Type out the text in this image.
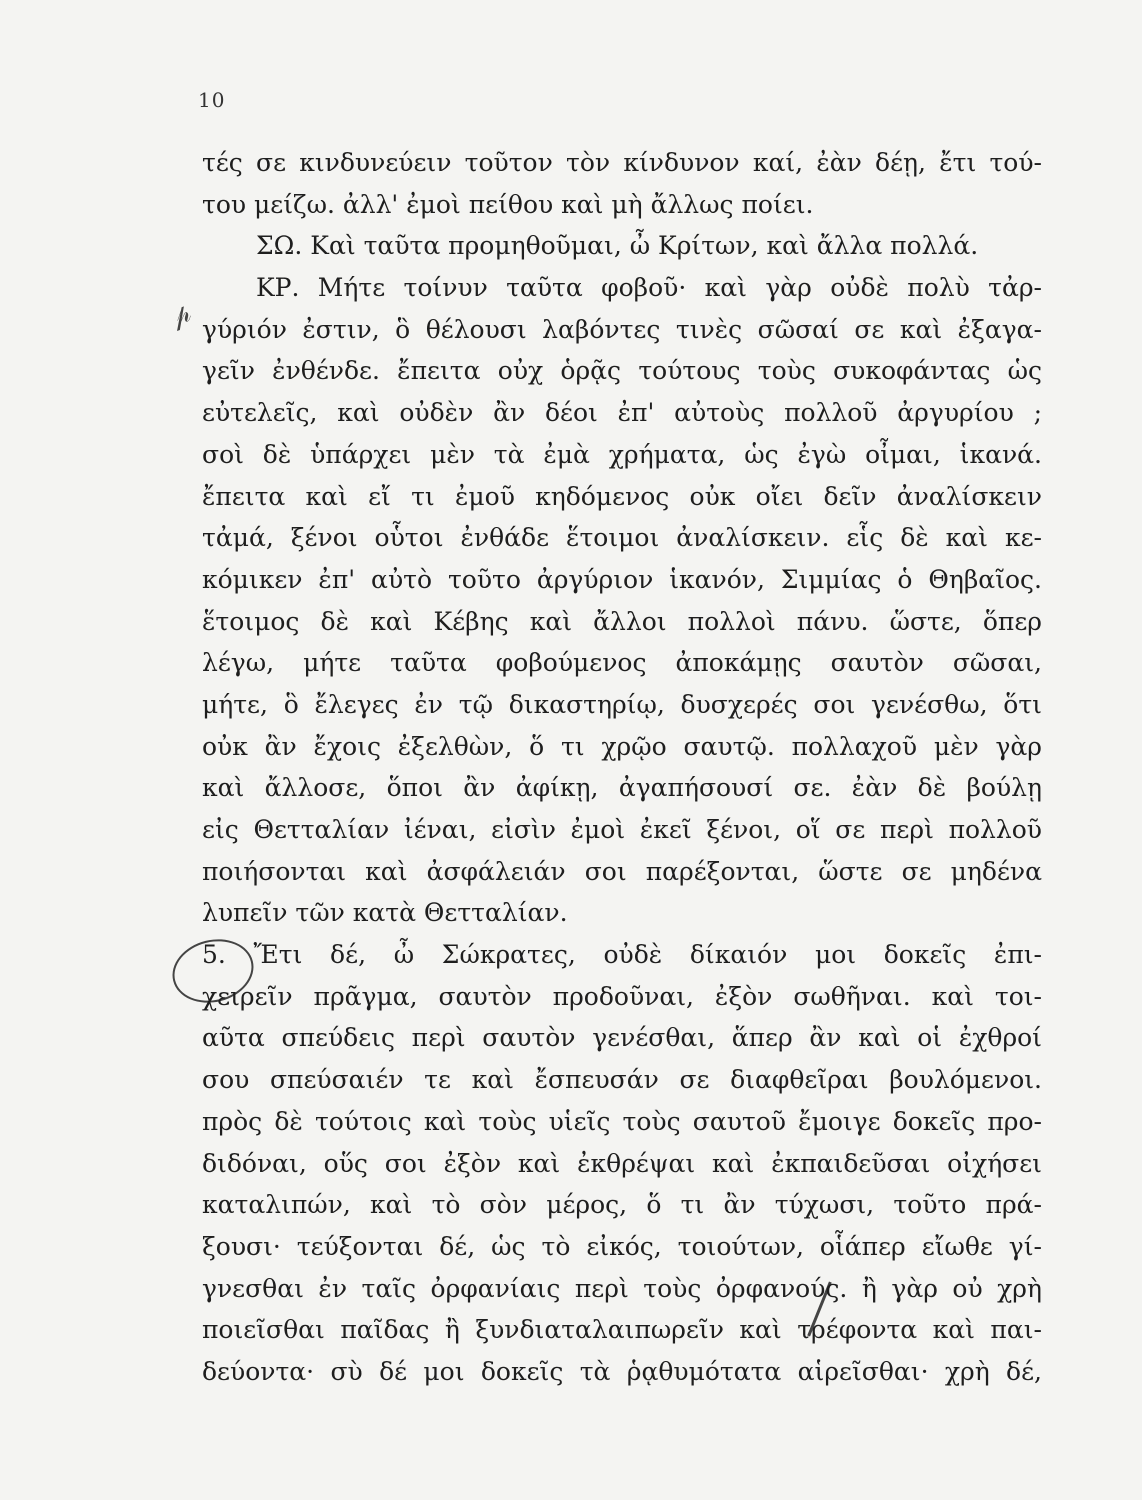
10
𝓅
τές σε κινδυνεύειν τοῦτον τὸν κίνδυνον καί, ἐὰν δέῃ, ἔτι τού-
του μείζω. ἀλλ' ἐμοὶ πείθου καὶ μὴ ἄλλως ποίει.
ΣΩ. Καὶ ταῦτα προμηθοῦμαι, ὦ Κρίτων, καὶ ἄλλα πολλά.
ΚΡ. Μήτε τοίνυν ταῦτα φοβοῦ· καὶ γὰρ οὐδὲ πολὺ τἀρ-
γύριόν ἐστιν, ὃ θέλουσι λαβόντες τινὲς σῶσαί σε καὶ ἐξαγα-
γεῖν ἐνθένδε. ἔπειτα οὐχ ὁρᾷς τούτους τοὺς συκοφάντας ὡς
εὐτελεῖς, καὶ οὐδὲν ἂν δέοι ἐπ' αὐτοὺς πολλοῦ ἀργυρίου ;
σοὶ δὲ ὑπάρχει μὲν τὰ ἐμὰ χρήματα, ὡς ἐγὼ οἶμαι, ἱκανά.
ἔπειτα καὶ εἴ τι ἐμοῦ κηδόμενος οὐκ οἴει δεῖν ἀναλίσκειν
τἀμά, ξένοι οὗτοι ἐνθάδε ἕτοιμοι ἀναλίσκειν. εἷς δὲ καὶ κε-
κόμικεν ἐπ' αὐτὸ τοῦτο ἀργύριον ἱκανόν, Σιμμίας ὁ Θηβαῖος.
ἕτοιμος δὲ καὶ Κέβης καὶ ἄλλοι πολλοὶ πάνυ. ὥστε, ὅπερ
λέγω, μήτε ταῦτα φοβούμενος ἀποκάμῃς σαυτὸν σῶσαι,
μήτε, ὃ ἔλεγες ἐν τῷ δικαστηρίῳ, δυσχερές σοι γενέσθω, ὅτι
οὐκ ἂν ἔχοις ἐξελθὼν, ὅ τι χρῷο σαυτῷ. πολλαχοῦ μὲν γὰρ
καὶ ἄλλοσε, ὅποι ἂν ἀφίκῃ, ἀγαπήσουσί σε. ἐὰν δὲ βούλῃ
εἰς Θετταλίαν ἰέναι, εἰσὶν ἐμοὶ ἐκεῖ ξένοι, οἵ σε περὶ πολλοῦ
ποιήσονται καὶ ἀσφάλειάν σοι παρέξονται, ὥστε σε μηδένα
λυπεῖν τῶν κατὰ Θετταλίαν.
5. Ἔτι δέ, ὦ Σώκρατες, οὐδὲ δίκαιόν μοι δοκεῖς ἐπι-
χειρεῖν πρᾶγμα, σαυτὸν προδοῦναι, ἐξὸν σωθῆναι. καὶ τοι-
αῦτα σπεύδεις περὶ σαυτὸν γενέσθαι, ἅπερ ἂν καὶ οἱ ἐχθροί
σου σπεύσαιέν τε καὶ ἔσπευσάν σε διαφθεῖραι βουλόμενοι.
πρὸς δὲ τούτοις καὶ τοὺς υἱεῖς τοὺς σαυτοῦ ἔμοιγε δοκεῖς προ-
διδόναι, οὕς σοι ἐξὸν καὶ ἐκθρέψαι καὶ ἐκπαιδεῦσαι οἰχήσει
καταλιπών, καὶ τὸ σὸν μέρος, ὅ τι ἂν τύχωσι, τοῦτο πρά-
ξουσι· τεύξονται δέ, ὡς τὸ εἰκός, τοιούτων, οἷάπερ εἴωθε γί-
γνεσθαι ἐν ταῖς ὀρφανίαις περὶ τοὺς ὀρφανούς. ἢ γὰρ οὐ χρὴ
ποιεῖσθαι παῖδας ἢ ξυνδιαταλαιπωρεῖν καὶ τρέφοντα καὶ παι-
δεύοντα· σὺ δέ μοι δοκεῖς τὰ ῥᾳθυμότατα αἱρεῖσθαι· χρὴ δέ,
